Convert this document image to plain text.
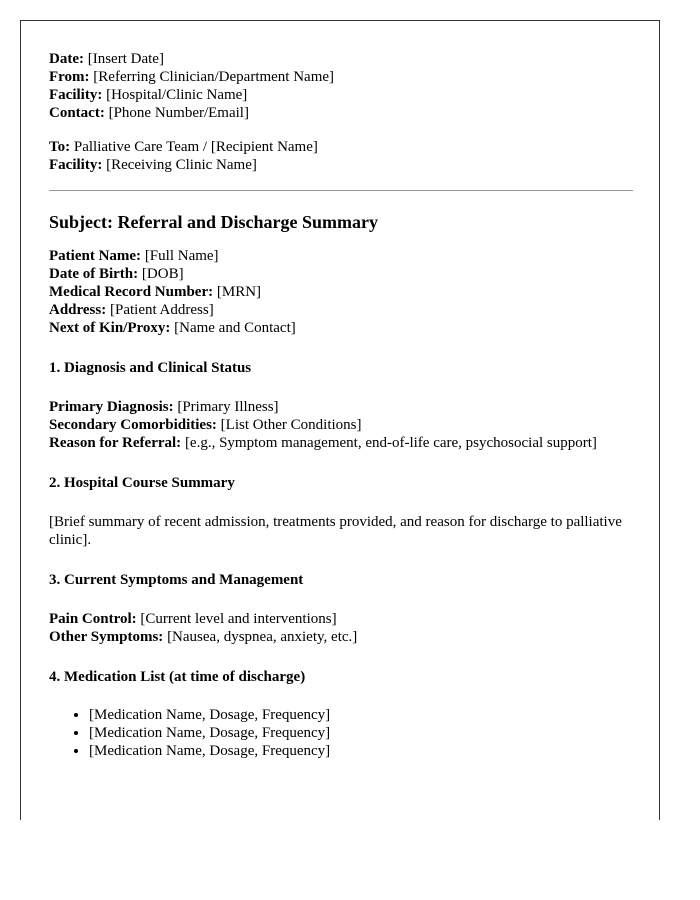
Date: [Insert Date]
From: [Referring Clinician/Department Name]
Facility: [Hospital/Clinic Name]
Contact: [Phone Number/Email]
To: Palliative Care Team / [Recipient Name]
Facility: [Receiving Clinic Name]
Subject: Referral and Discharge Summary
Patient Name: [Full Name]
Date of Birth: [DOB]
Medical Record Number: [MRN]
Address: [Patient Address]
Next of Kin/Proxy: [Name and Contact]
1. Diagnosis and Clinical Status
Primary Diagnosis: [Primary Illness]
Secondary Comorbidities: [List Other Conditions]
Reason for Referral: [e.g., Symptom management, end-of-life care, psychosocial support]
2. Hospital Course Summary

[Brief summary of recent admission, treatments provided, and reason for discharge to palliative clinic].

3. Current Symptoms and Management
Pain Control: [Current level and interventions]
Other Symptoms: [Nausea, dyspnea, anxiety, etc.]
4. Medication List (at time of discharge)
• [Medication Name, Dosage, Frequency]
• [Medication Name, Dosage, Frequency]
• [Medication Name, Dosage, Frequency]
